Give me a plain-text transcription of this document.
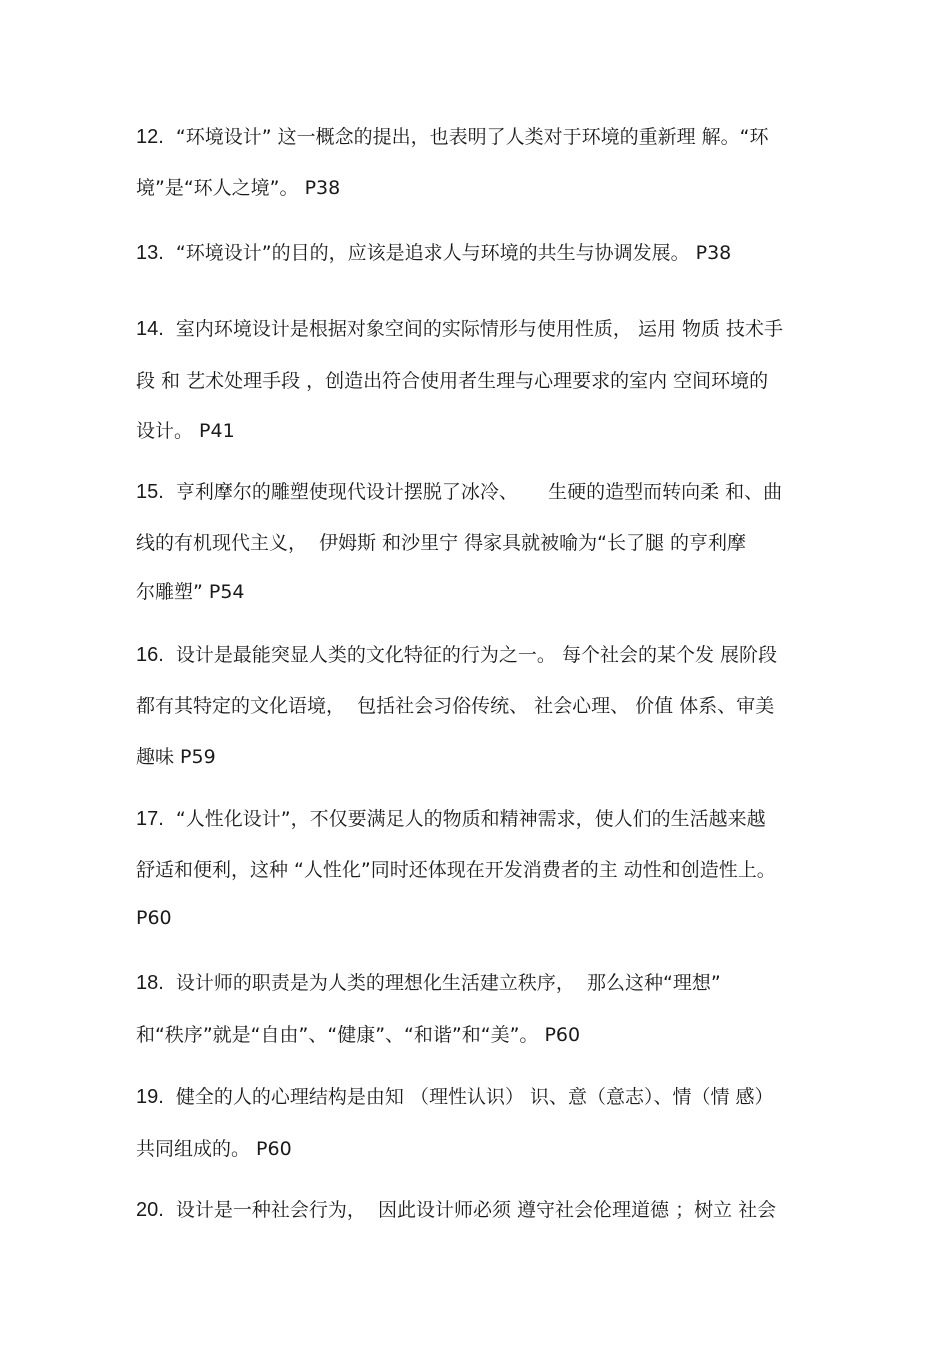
12. “环境设计” 这一概念的提出，也表明了人类对于环境的重新理 解。“环
境”是“环人之境”。 P38
13. “环境设计”的目的，应该是追求人与环境的共生与协调发展。 P38
14. 室内环境设计是根据对象空间的实际情形与使用性质， 运用 物质 技术手
段 和 艺术处理手段 ，创造出符合使用者生理与心理要求的室内 空间环境的
设计。 P41
15. 亨利摩尔的雕塑使现代设计摆脱了冰冷、     生硬的造型而转向柔 和、曲
线的有机现代主义，  伊姆斯 和沙里宁 得家具就被喻为“长了腿 的亨利摩
尔雕塑” P54
16. 设计是最能突显人类的文化特征的行为之一。 每个社会的某个发 展阶段
都有其特定的文化语境，  包括社会习俗传统、 社会心理、 价值 体系、审美
趣味 P59
17. “人性化设计”，不仅要满足人的物质和精神需求，使人们的生活越来越
舒适和便利，这种 “人性化”同时还体现在开发消费者的主 动性和创造性上。
P60
18. 设计师的职责是为人类的理想化生活建立秩序，  那么这种“理想”
和“秩序”就是“自由”、“健康”、“和谐”和“美”。 P60
19. 健全的人的心理结构是由知 （理性认识） 识、意（意志）、情（情 感）
共同组成的。 P60
20. 设计是一种社会行为，  因此设计师必须 遵守社会伦理道德 ；树立 社会
